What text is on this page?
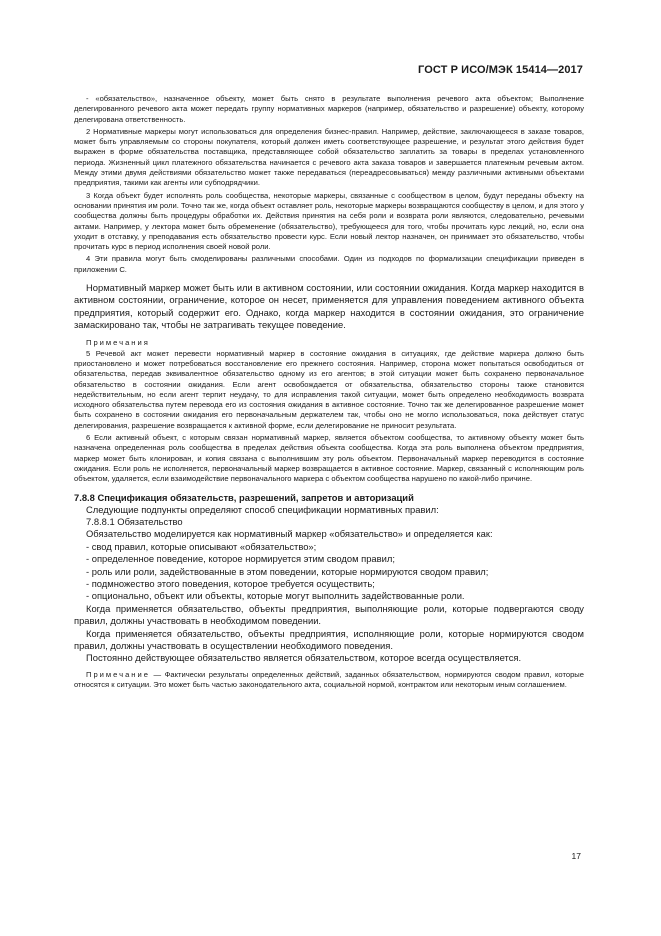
ГОСТ Р ИСО/МЭК 15414—2017

- «обязательство», назначенное объекту, может быть снято в результате выполнения речевого акта объектом; Выполнение делегированного речевого акта может передать группу нормативных маркеров (например, обязательство и разрешение) объекту, которому делегирована ответственность.

2 Нормативные маркеры могут использоваться для определения бизнес-правил. Например, действие, заключающееся в заказе товаров, может быть управляемым со стороны покупателя, который должен иметь соответствующее разрешение, и результат этого действия будет выражен в форме обязательства поставщика, представляющее собой обязательство заплатить за товары в пределах установленного периода. Жизненный цикл платежного обязательства начинается с речевого акта заказа товаров и завершается платежным речевым актом. Между этими двумя действиями обязательство может также передаваться (переадресовываться) между различными активными объектами предприятия, такими как агенты или субподрядчики.

3 Когда объект будет исполнять роль сообщества, некоторые маркеры, связанные с сообществом в целом, будут переданы объекту на основании принятия им роли. Точно так же, когда объект оставляет роль, некоторые маркеры возвращаются сообществу в целом, и для этого у сообщества должны быть процедуры обработки их. Действия принятия на себя роли и возврата роли являются, следовательно, речевыми актами. Например, у лектора может быть обременение (обязательство), требующееся для того, чтобы прочитать курс лекций, но, если она уходит в отставку, у преподавания есть обязательство провести курс. Если новый лектор назначен, он принимает это обязательство, чтобы прочитать курс в период исполнения своей новой роли.

4 Эти правила могут быть смоделированы различными способами. Один из подходов по формализации спецификации приведен в приложении С.

Нормативный маркер может быть или в активном состоянии, или состоянии ожидания. Когда маркер находится в активном состоянии, ограничение, которое он несет, применяется для управления поведением активного объекта предприятия, который содержит его. Однако, когда маркер находится в состоянии ожидания, это ограничение замаскировано так, чтобы не затрагивать текущее поведение.

Примечания

5 Речевой акт может перевести нормативный маркер в состояние ожидания в ситуациях, где действие маркера должно быть приостановлено и может потребоваться восстановление его прежнего состояния. Например, сторона может попытаться освободиться от обязательства, передав эквивалентное обязательство одному из его агентов; в этой ситуации может быть сохранено первоначальное обязательство в состоянии ожидания. Если агент освобождается от обязательства, обязательство стороны также становится недействительным, но если агент терпит неудачу, то для исправления такой ситуации, может быть определено необходимость возврата исходного обязательства путем перевода его из состояния ожидания в активное состояние. Точно так же делегированное разрешение может быть сохранено в состоянии ожидания его первоначальным держателем так, чтобы оно не могло использоваться, пока действует статус делегирования, разрешение возвращается к активной форме, если делегирование не приносит результата.

6 Если активный объект, с которым связан нормативный маркер, является объектом сообщества, то активному объекту может быть назначена определенная роль сообщества в пределах действия объекта сообщества. Когда эта роль выполнена объектом предприятия, маркер может быть клонирован, и копия связана с выполнившим эту роль объектом. Первоначальный маркер переводится в состояние ожидания. Если роль не исполняется, первоначальный маркер возвращается в активное состояние. Маркер, связанный с исполняющим роль объектом, удаляется, если взаимодействие первоначального маркера с объектом сообщества нарушено по какой-либо причине.

7.8.8 Спецификация обязательств, разрешений, запретов и авторизаций

Следующие подпункты определяют способ спецификации нормативных правил:

7.8.8.1 Обязательство

Обязательство моделируется как нормативный маркер «обязательство» и определяется как:

- свод правил, которые описывают «обязательство»;
- определенное поведение, которое нормируется этим сводом правил;
- роль или роли, задействованные в этом поведении, которые нормируются сводом правил;
- подмножество этого поведения, которое требуется осуществить;
- опционально, объект или объекты, которые могут выполнить задействованные роли.

Когда применяется обязательство, объекты предприятия, выполняющие роли, которые подвергаются своду правил, должны участвовать в необходимом поведении.

Когда применяется обязательство, объекты предприятия, исполняющие роли, которые нормируются сводом правил, должны участвовать в осуществлении необходимого поведения.

Постоянно действующее обязательство является обязательством, которое всегда осуществляется.

Примечание — Фактически результаты определенных действий, заданных обязательством, нормируются сводом правил, которые относятся к ситуации. Это может быть частью законодательного акта, социальной нормой, контрактом или некоторым иным соглашением.

17
